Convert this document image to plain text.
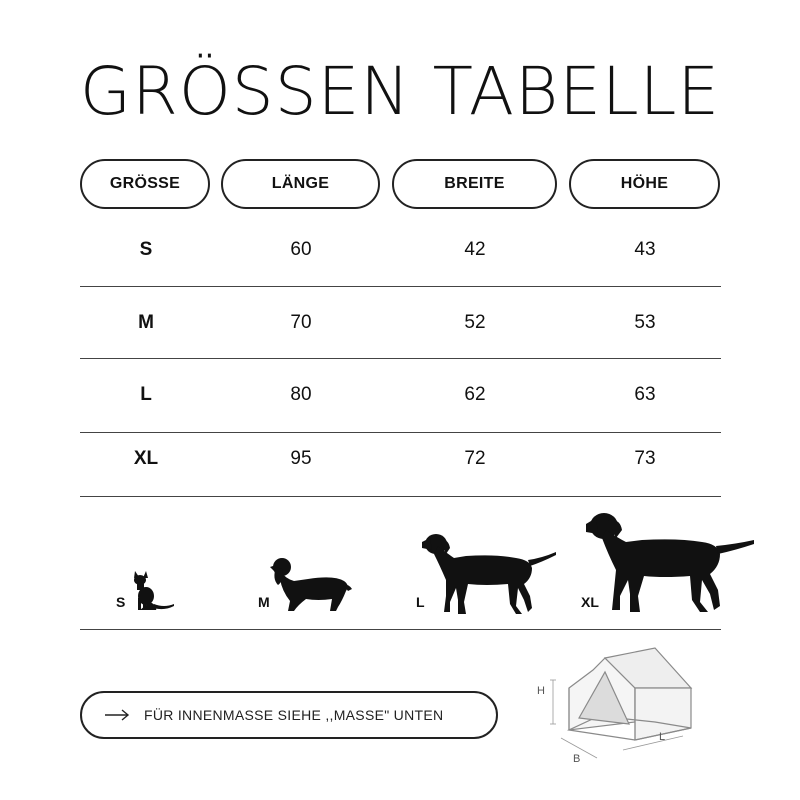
GRÖSSEN TABELLE
GRÖSSE	LÄNGE	BREITE	HÖHE
S	60	42	43
M	70	52	53
L	80	62	63
XL	95	72	73
S	M	L	XL
FÜR INNENMASSE SIEHE ,,MASSE" UNTEN
H
B
L
